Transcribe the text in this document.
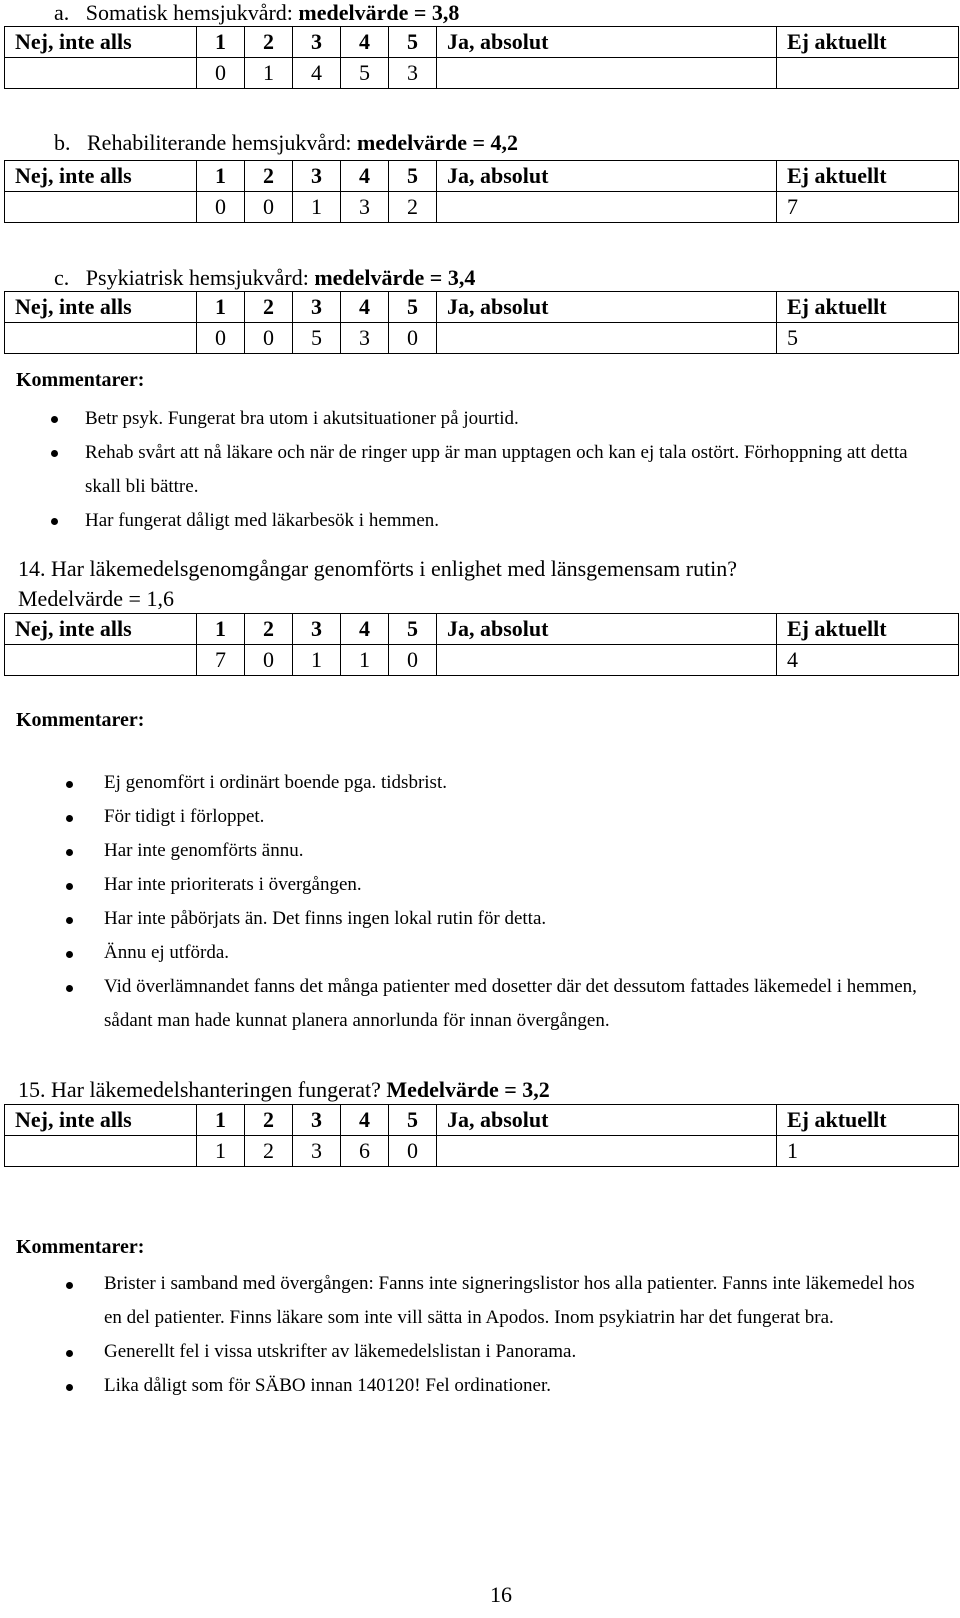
a. Somatisk hemsjukvård: medelvärde = 3,8
Nej, inte alls	1	2	3	4	5	Ja, absolut	Ej aktuellt
	0	1	4	5	3		
b. Rehabiliterande hemsjukvård: medelvärde = 4,2
Nej, inte alls	1	2	3	4	5	Ja, absolut	Ej aktuellt
	0	0	1	3	2		7
c. Psykiatrisk hemsjukvård: medelvärde = 3,4
Nej, inte alls	1	2	3	4	5	Ja, absolut	Ej aktuellt
	0	0	5	3	0		5
Kommentarer:
Betr psyk. Fungerat bra utom i akutsituationer på jourtid.
Rehab svårt att nå läkare och när de ringer upp är man upptagen och kan ej tala ostört. Förhoppning att detta skall bli bättre.
Har fungerat dåligt med läkarbesök i hemmen.
14. Har läkemedelsgenomgångar genomförts i enlighet med länsgemensam rutin?
Medelvärde = 1,6
Nej, inte alls	1	2	3	4	5	Ja, absolut	Ej aktuellt
	7	0	1	1	0		4
Kommentarer:
Ej genomfört i ordinärt boende pga. tidsbrist.
För tidigt i förloppet.
Har inte genomförts ännu.
Har inte prioriterats i övergången.
Har inte påbörjats än. Det finns ingen lokal rutin för detta.
Ännu ej utförda.
Vid överlämnandet fanns det många patienter med dosetter där det dessutom fattades läkemedel i hemmen, sådant man hade kunnat planera annorlunda för innan övergången.
15. Har läkemedelshanteringen fungerat? Medelvärde = 3,2
Nej, inte alls	1	2	3	4	5	Ja, absolut	Ej aktuellt
	1	2	3	6	0		1
Kommentarer:
Brister i samband med övergången: Fanns inte signeringslistor hos alla patienter. Fanns inte läkemedel hos en del patienter. Finns läkare som inte vill sätta in Apodos. Inom psykiatrin har det fungerat bra.
Generellt fel i vissa utskrifter av läkemedelslistan i Panorama.
Lika dåligt som för SÄBO innan 140120! Fel ordinationer.
16
